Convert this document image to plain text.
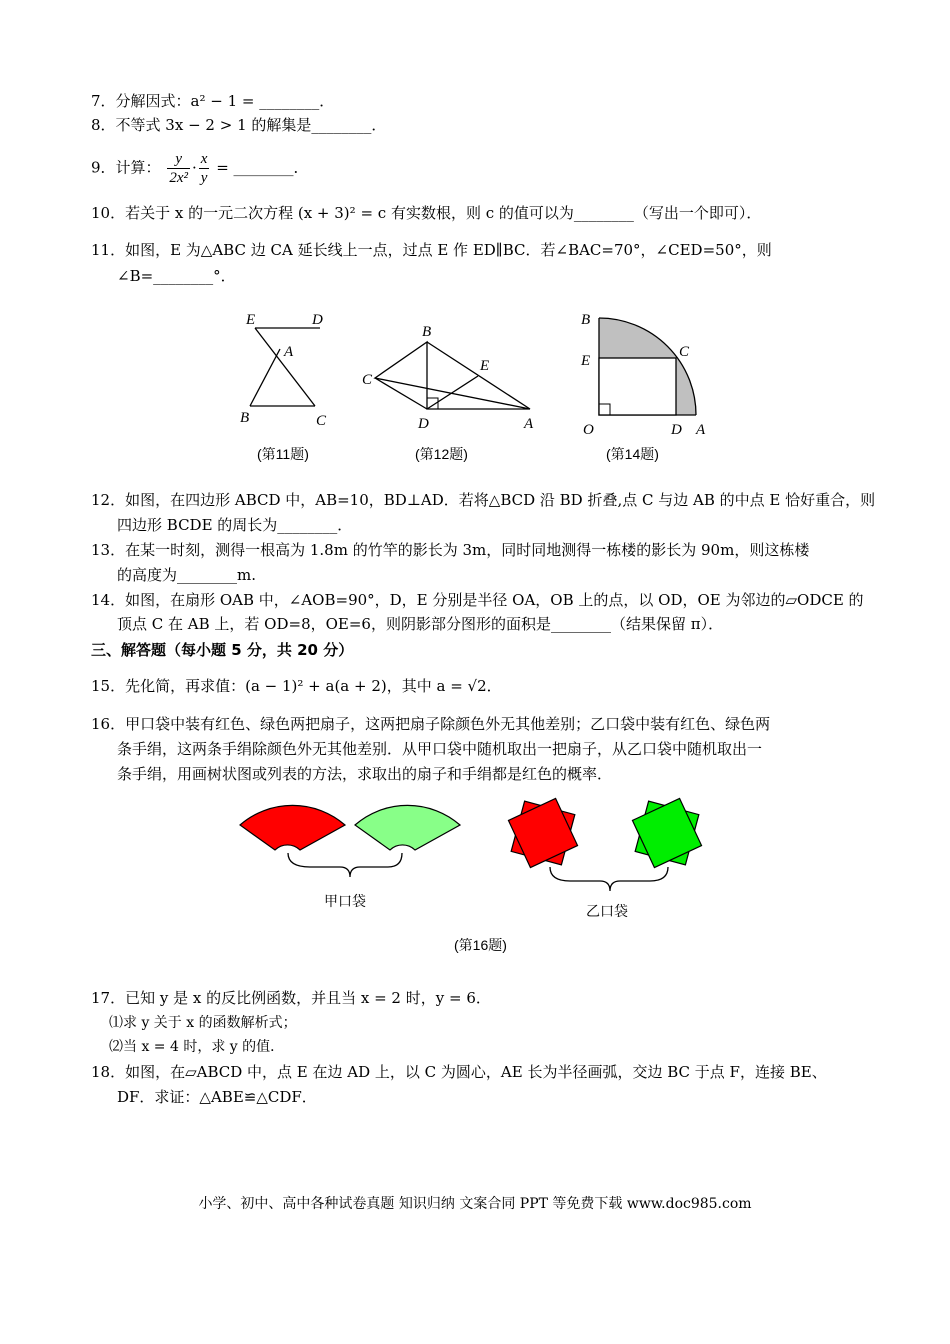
7．分解因式：a² − 1 = ________．
8．不等式 3x − 2 > 1 的解集是________．
9．计算： $\frac{y}{\text{2x²}} \cdot \frac{x}{y}$ = ________．
10．若关于 x 的一元二次方程 (x + 3)² = c 有实数根，则 c 的值可以为________（写出一个即可）．
11．如图，E 为△ABC 边 CA 延长线上一点，过点 E 作 ED∥BC．若∠BAC=70°，∠CED=50°，则
∠B=________°．
E	D
A
B	C
(第11题)
B
C
E
D	A
(第12题)
B
E
C
O	D A
(第14题)
12．如图，在四边形 ABCD 中，AB=10，BD⊥AD．若将△BCD 沿 BD 折叠,点 C 与边 AB 的中点 E 恰好重合，则
四边形 BCDE 的周长为________．
13．在某一时刻，测得一根高为 1.8m 的竹竿的影长为 3m，同时同地测得一栋楼的影长为 90m，则这栋楼
的高度为________m.
14．如图，在扇形 OAB 中，∠AOB=90°，D，E 分别是半径 OA，OB 上的点，以 OD，OE 为邻边的▱ODCE 的
顶点 C 在 AB 上，若 OD=8，OE=6，则阴影部分图形的面积是________（结果保留 π）．
三、解答题（每小题 5 分，共 20 分）
15．先化简，再求值：(a − 1)² + a(a + 2)，其中 a = √2．
16．甲口袋中装有红色、绿色两把扇子，这两把扇子除颜色外无其他差别；乙口袋中装有红色、绿色两
条手绢，这两条手绢除颜色外无其他差别．从甲口袋中随机取出一把扇子，从乙口袋中随机取出一
条手绢，用画树状图或列表的方法，求取出的扇子和手绢都是红色的概率．
甲口袋
乙口袋
(第16题)
17．已知 y 是 x 的反比例函数，并且当 x = 2 时，y = 6．
⑴求 y 关于 x 的函数解析式；
⑵当 x = 4 时，求 y 的值．
18．如图，在▱ABCD 中，点 E 在边 AD 上，以 C 为圆心，AE 长为半径画弧，交边 BC 于点 F，连接 BE、
DF．求证：△ABE≌△CDF．
小学、初中、高中各种试卷真题 知识归纳 文案合同 PPT 等免费下载 www.doc985.com
